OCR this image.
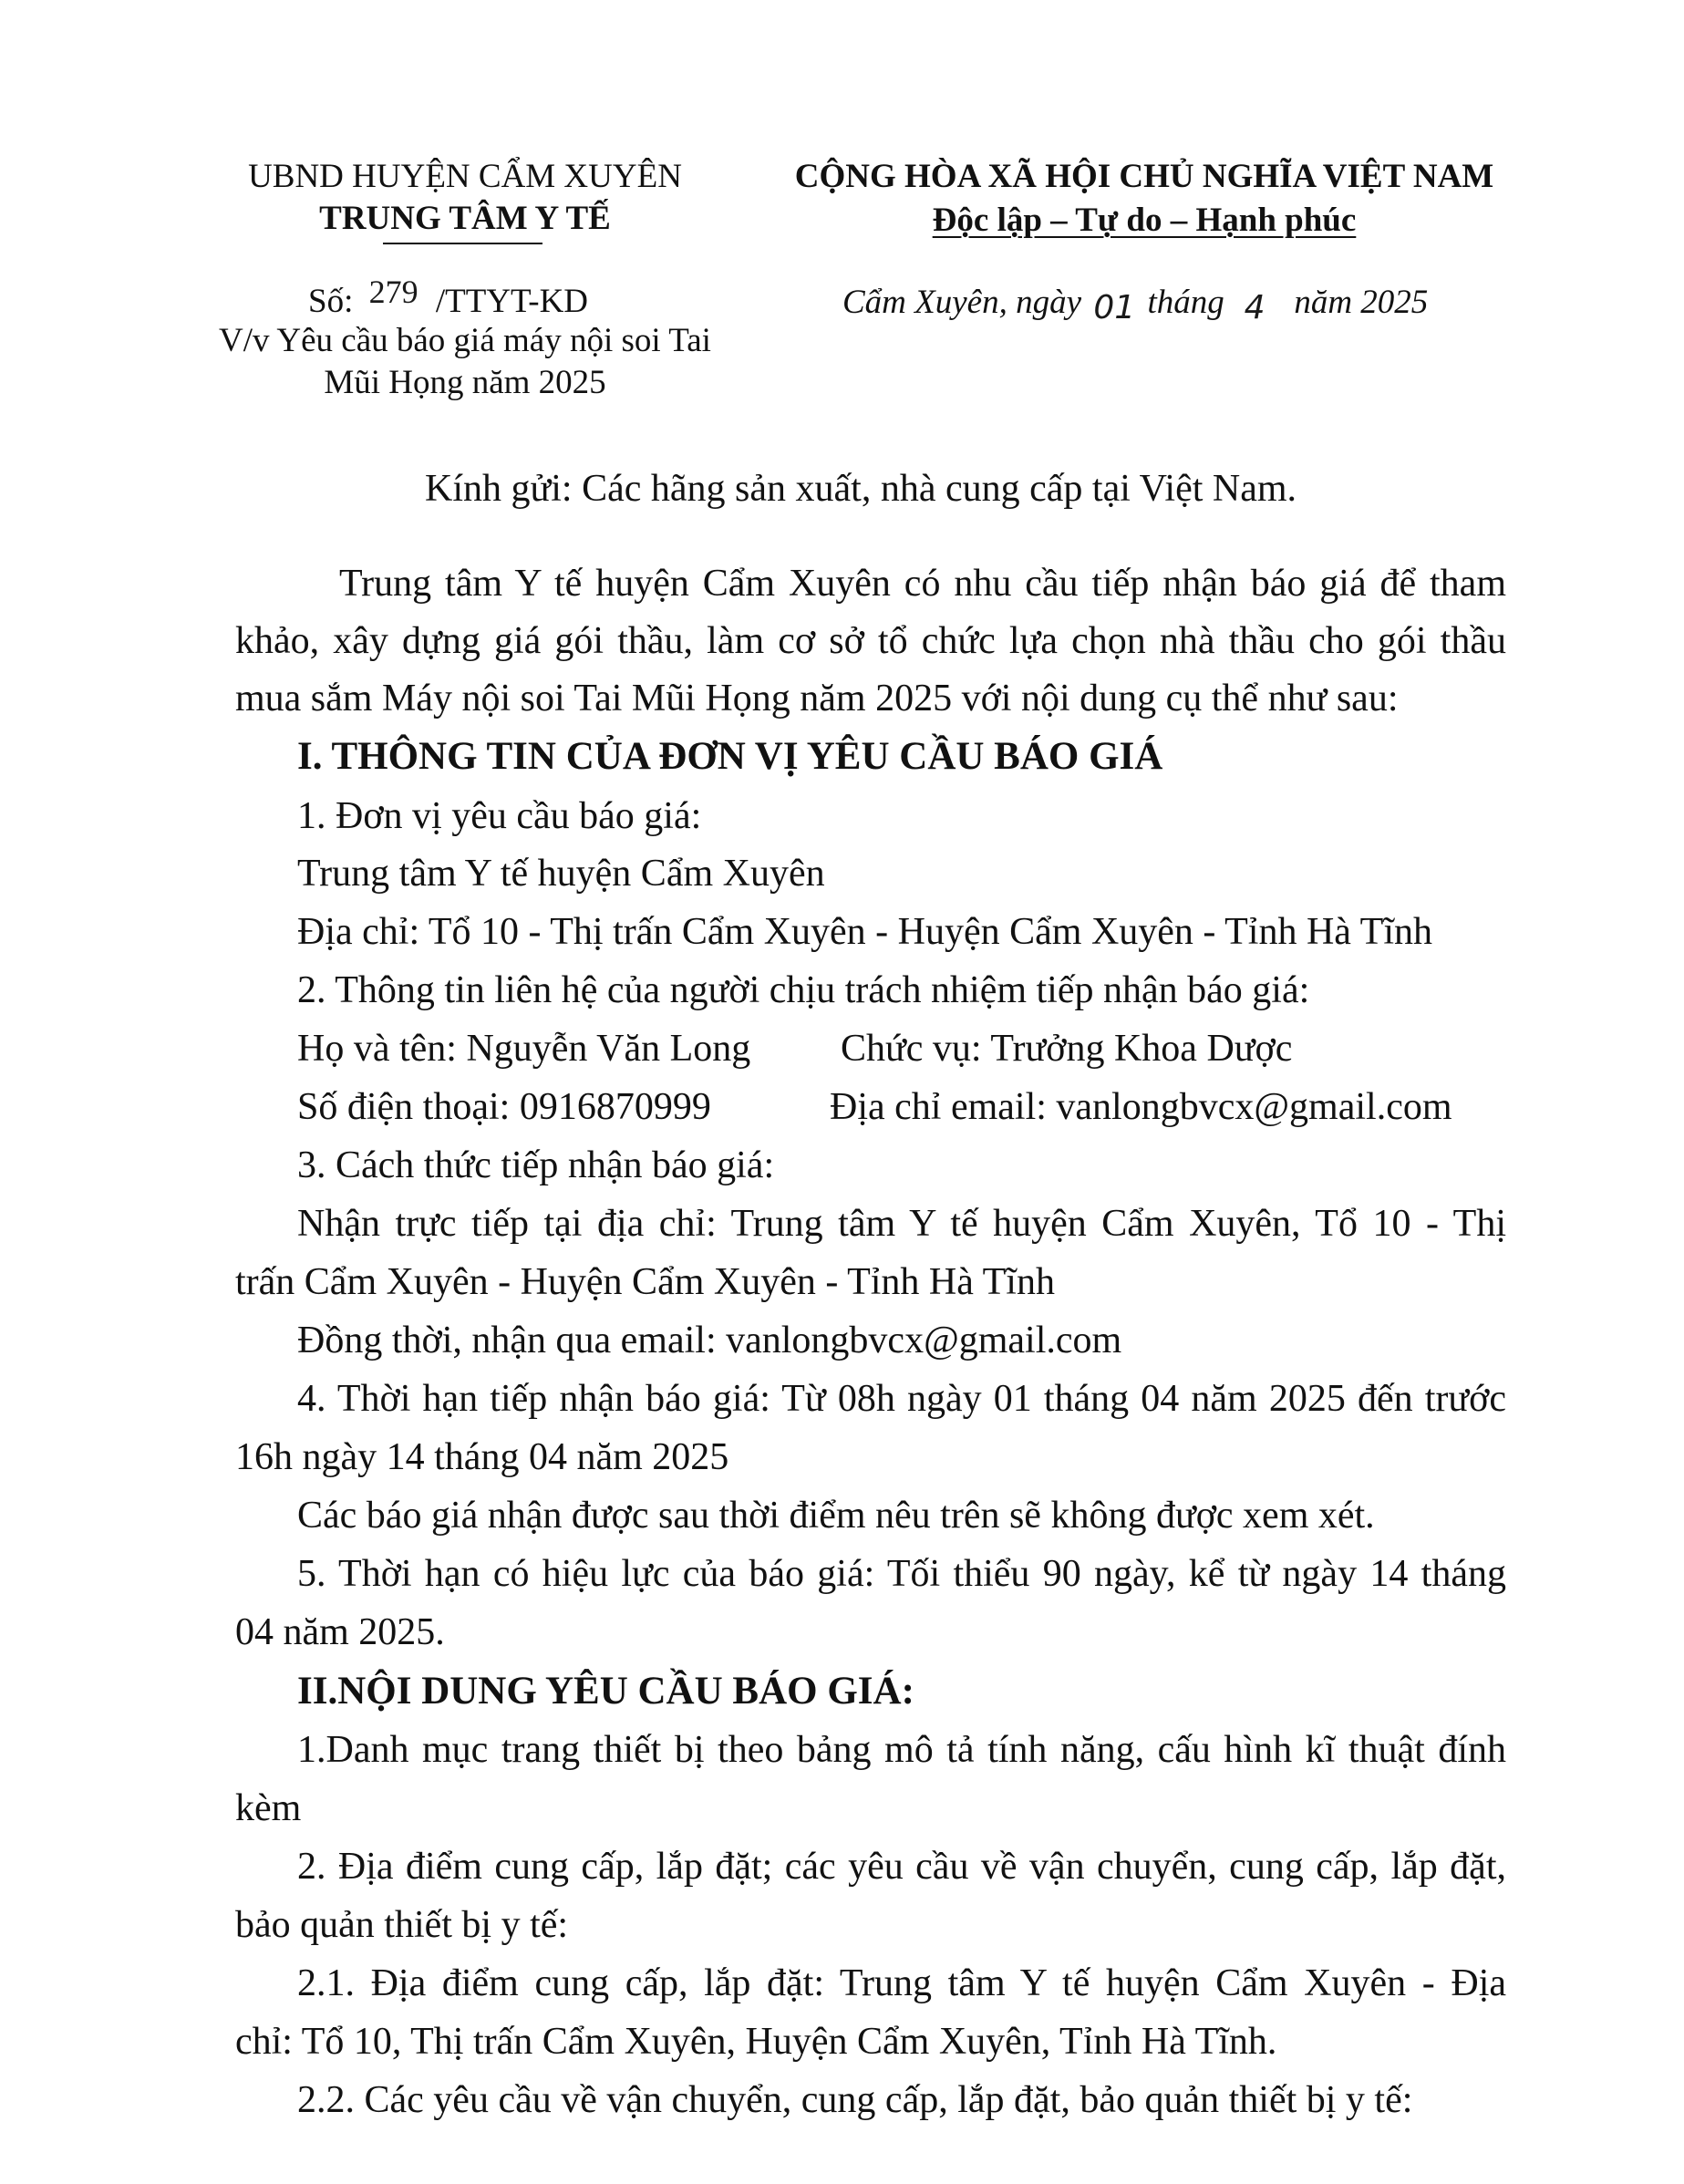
UBND HUYỆN CẨM XUYÊN
TRUNG TÂM Y TẾ
CỘNG HÒA XÃ HỘI CHỦ NGHĨA VIỆT NAM
Độc lập – Tự do – Hạnh phúc
Số: 279 /TTYT-KD
V/v Yêu cầu báo giá máy nội soi Tai
Mũi Họng năm 2025
Cẩm Xuyên, ngày 01 tháng 4 năm 2025
Kính gửi: Các hãng sản xuất, nhà cung cấp tại Việt Nam.
Trung tâm Y tế huyện Cẩm Xuyên có nhu cầu tiếp nhận báo giá để tham
khảo, xây dựng giá gói thầu, làm cơ sở tổ chức lựa chọn nhà thầu cho gói thầu
mua sắm Máy nội soi Tai Mũi Họng năm 2025 với nội dung cụ thể như sau:
I. THÔNG TIN CỦA ĐƠN VỊ YÊU CẦU BÁO GIÁ
1. Đơn vị yêu cầu báo giá:
Trung tâm Y tế huyện Cẩm Xuyên
Địa chỉ: Tổ 10 - Thị trấn Cẩm Xuyên - Huyện Cẩm Xuyên - Tỉnh Hà Tĩnh
2. Thông tin liên hệ của người chịu trách nhiệm tiếp nhận báo giá:
Họ và tên: Nguyễn Văn Long Chức vụ: Trưởng Khoa Dược
Số điện thoại: 0916870999	Địa chỉ email: vanlongbvcx@gmail.com
3. Cách thức tiếp nhận báo giá:
Nhận trực tiếp tại địa chỉ: Trung tâm Y tế huyện Cẩm Xuyên, Tổ 10 - Thị
trấn Cẩm Xuyên - Huyện Cẩm Xuyên - Tỉnh Hà Tĩnh
Đồng thời, nhận qua email: vanlongbvcx@gmail.com
4. Thời hạn tiếp nhận báo giá: Từ 08h ngày 01 tháng 04 năm 2025 đến trước
16h ngày 14 tháng 04 năm 2025
Các báo giá nhận được sau thời điểm nêu trên sẽ không được xem xét.
5. Thời hạn có hiệu lực của báo giá: Tối thiểu 90 ngày, kể từ ngày 14 tháng
04 năm 2025.
II.NỘI DUNG YÊU CẦU BÁO GIÁ:
1.Danh mục trang thiết bị theo bảng mô tả tính năng, cấu hình kĩ thuật đính
kèm
2. Địa điểm cung cấp, lắp đặt; các yêu cầu về vận chuyển, cung cấp, lắp đặt,
bảo quản thiết bị y tế:
2.1. Địa điểm cung cấp, lắp đặt: Trung tâm Y tế huyện Cẩm Xuyên - Địa
chỉ: Tổ 10, Thị trấn Cẩm Xuyên, Huyện Cẩm Xuyên, Tỉnh Hà Tĩnh.
2.2. Các yêu cầu về vận chuyển, cung cấp, lắp đặt, bảo quản thiết bị y tế:
